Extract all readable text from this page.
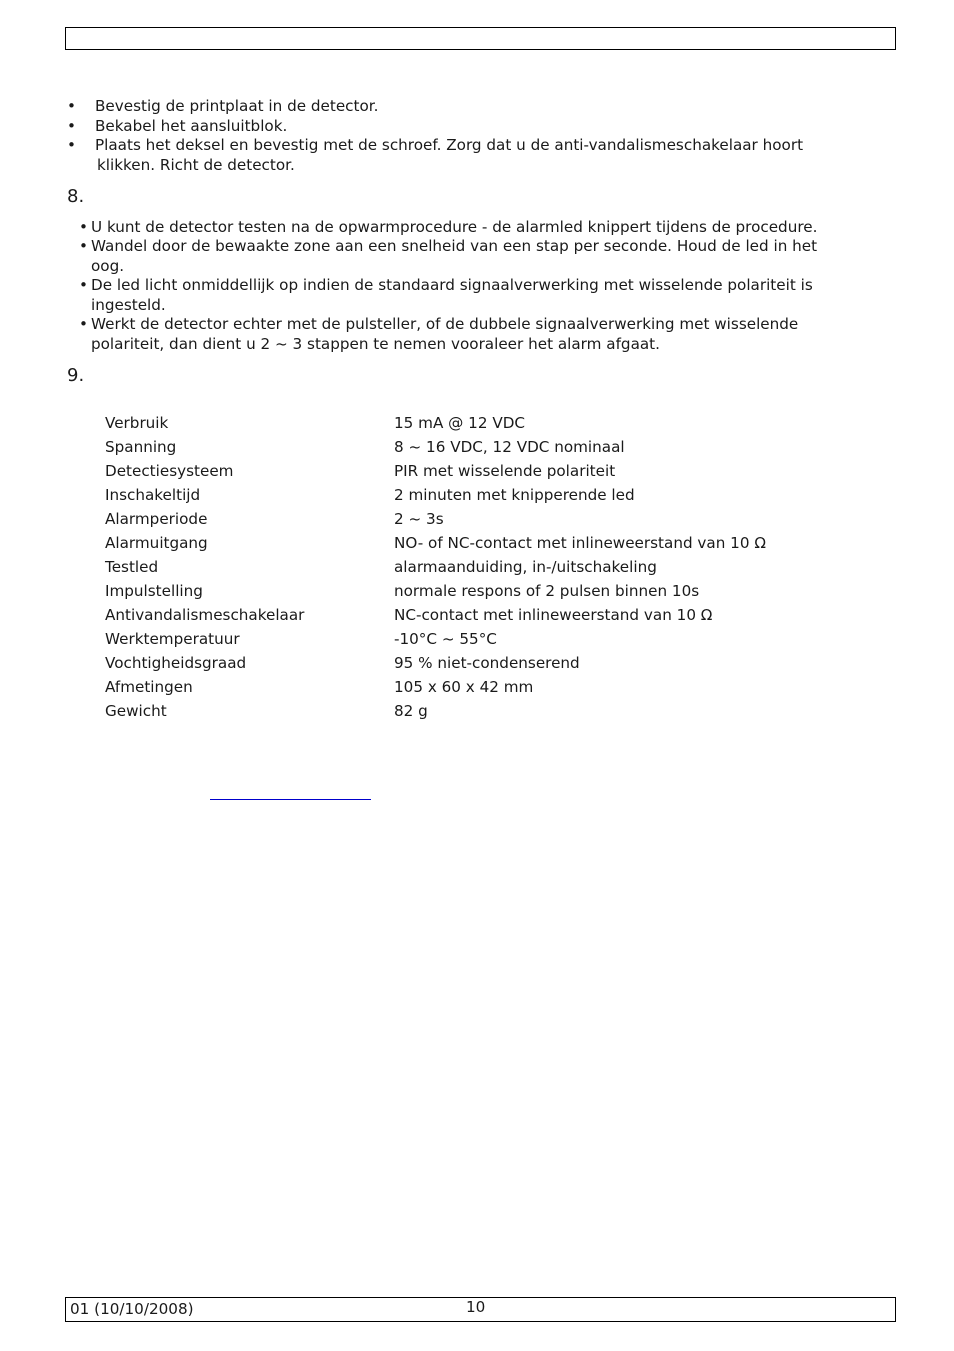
• Bevestig de printplaat in de detector.
• Bekabel het aansluitblok.
• Plaats het deksel en bevestig met de schroef. Zorg dat u de anti-vandalismeschakelaar hoort
klikken. Richt de detector.
8.
• U kunt de detector testen na de opwarmprocedure - de alarmled knippert tijdens de procedure.
• Wandel door de bewaakte zone aan een snelheid van een stap per seconde. Houd de led in het
oog.
• De led licht onmiddellijk op indien de standaard signaalverwerking met wisselende polariteit is
ingesteld.
• Werkt de detector echter met de pulsteller, of de dubbele signaalverwerking met wisselende
polariteit, dan dient u 2 ~ 3 stappen te nemen vooraleer het alarm afgaat.
9.
Verbruik	15 mA @ 12 VDC
Spanning	8 ~ 16 VDC, 12 VDC nominaal
Detectiesysteem	PIR met wisselende polariteit
Inschakeltijd	2 minuten met knipperende led
Alarmperiode	2 ~ 3s
Alarmuitgang	NO- of NC-contact met inlineweerstand van 10 Ω
Testled	alarmaanduiding, in-/uitschakeling
Impulstelling	normale respons of 2 pulsen binnen 10s
Antivandalismeschakelaar	NC-contact met inlineweerstand van 10 Ω
Werktemperatuur	-10°C ~ 55°C
Vochtigheidsgraad	95 % niet-condenserend
Afmetingen	105 x 60 x 42 mm
Gewicht	82 g
01 (10/10/2008)	10
